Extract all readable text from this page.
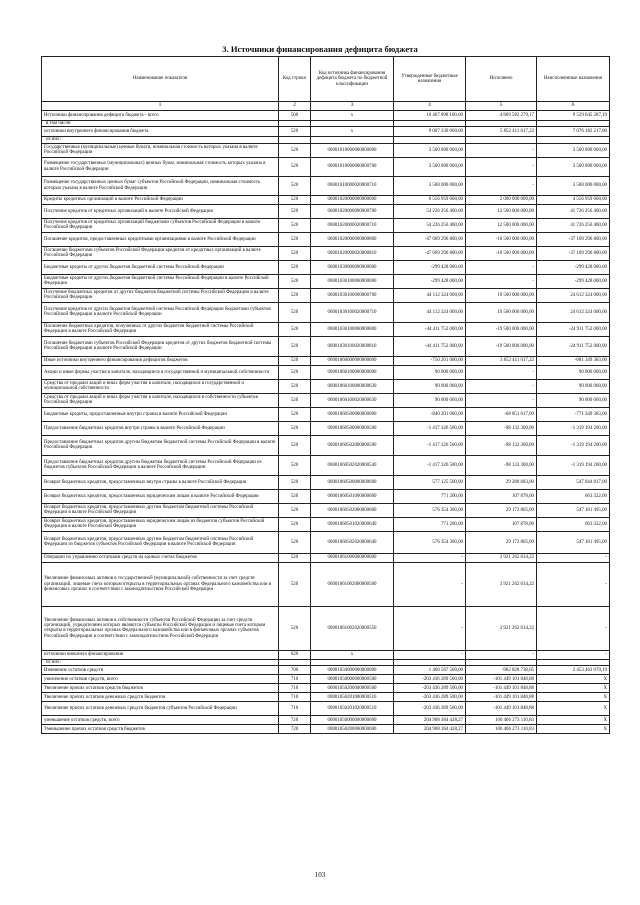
3. Источники финансирования дефицита бюджета
Наименование показателя	Код строки	Код источника финансирования дефицита бюджета по бюджетной классификации	Утвержденные бюджетные назначения	Исполнено	Неисполненные назначения
1	2	3	4	5	6
Источники финансирования дефицита бюджета - всего	500	x	10 467 898 100,00	4 869 582 279,17	9 529 645 287,19
в том числе:					
источники внутреннего финансирования бюджета	520	x	9 007 330 600,00	5 852 411 017,22	7 076 182 217,00
из них:					
Государственные (муниципальные) ценные бумаги, номинальная стоимость которых указана в валюте Российской Федерации	520	00001010000000000000	3 500 000 000,00	-	3 500 000 000,00
Размещение государственных (муниципальных) ценных бумаг, номинальная стоимость которых указана в валюте Российской Федерации	520	00001010000000000700	3 500 000 000,00	-	3 500 000 000,00
Размещение государственных ценных бумаг субъектов Российской Федерации, номинальная стоимость которых указана в валюте Российской Федерации	520	00001010000020000710	3 500 000 000,00	-	3 500 000 000,00
Кредиты кредитных организаций в валюте Российской Федерации	520	00001020000000000000	6 556 959 600,00	2 000 000 000,00	4 556 959 600,00
Получение кредитов от кредитных организаций в валюте Российской Федерации	520	00001020000000000700	54 226 256 400,00	12 500 000 000,00	41 726 256 400,00
Получение кредитов от кредитных организаций бюджетами субъектов Российской Федерации в валюте Российской Федерации	520	00001020000020000710	54 226 256 400,00	12 500 000 000,00	41 726 256 400,00
Погашение кредитов, предоставленных кредитными организациями в валюте Российской Федерации	520	00001020000000000800	-47 669 296 800,00	-10 500 000 000,00	-37 169 296 800,00
Погашение бюджетами субъектов Российской Федерации кредитов от кредитных организаций в валюте Российской Федерации	520	00001020000020000810	-47 669 296 800,00	-10 500 000 000,00	-37 169 296 800,00
Бюджетные кредиты от других бюджетов бюджетной системы Российской Федерации	520	00001030000000000000	-299 428 000,00	-	-299 428 000,00
Бюджетные кредиты от других бюджетов бюджетной системы Российской Федерации в валюте Российской Федерации	520	00001030100000000000	-299 428 000,00	-	-299 428 000,00
Получение бюджетных кредитов от других бюджетов бюджетной системы Российской Федерации в валюте Российской Федерации	520	00001030100000000700	44 112 324 000,00	19 500 000 000,00	24 612 324 000,00
Получение кредитов от других бюджетов бюджетной системы Российской Федерации бюджетами субъектов Российской Федерации в валюте Российской Федерации	520	00001030100020000710	44 112 324 000,00	19 500 000 000,00	24 612 324 000,00
Погашение бюджетных кредитов, полученных от других бюджетов бюджетной системы Российской Федерации в валюте Российской Федерации	520	00001030100000000800	-44 411 752 000,00	-19 500 000 000,00	-24 911 752 000,00
Погашение бюджетами субъектов Российской Федерации кредитов от других бюджетов бюджетной системы Российской Федерации в валюте Российской Федерации	520	00001030100020000810	-44 411 752 000,00	-19 500 000 000,00	-24 911 752 000,00
Иные источники внутреннего финансирования дефицитов бюджетов	520	00001060000000000000	-750 201 000,00	3 852 411 017,22	-681 349 383,00
Акции и иные формы участия в капитале, находящиеся в государственной и муниципальной собственности	520	00001060100000000000	90 000 000,00	-	90 000 000,00
Средства от продажи акций и иных форм участия в капитале, находящихся в государственной и муниципальной собственности	520	00001060100000000630	90 000 000,00	-	90 000 000,00
Средства от продажи акций и иных форм участия в капитале, находящихся в собственности субъектов Российской Федерации	520	00001060100020000630	90 000 000,00	-	90 000 000,00
Бюджетные кредиты, предоставленные внутри страны в валюте Российской Федерации	520	00001060500000000000	-840 201 000,00	-68 851 617,00	-771 349 383,00
Предоставление бюджетных кредитов внутри страны в валюте Российской Федерации	520	00001060500000000500	-1 417 326 500,00	-98 132 300,00	-1 319 194 200,00
Предоставление бюджетных кредитов другим бюджетам бюджетной системы Российской Федерации в валюте Российской Федерации	520	00001060502000000500	-1 417 326 500,00	-98 132 300,00	-1 319 194 200,00
Предоставление бюджетных кредитов другим бюджетам бюджетной системы Российской Федерации из бюджетов субъектов Российской Федерации в валюте Российской Федерации	520	00001060502020000540	-1 417 326 500,00	-98 132 300,00	-1 319 194 200,00
Возврат бюджетных кредитов, предоставленных внутри страны в валюте Российской Федерации	520	00001060500000000600	577 125 500,00	29 280 683,00	547 844 817,00
Возврат бюджетных кредитов, предоставленных юридическим лицам в валюте Российской Федерации	520	00001060501000000600	771 200,00	107 878,00	663 322,00
Возврат бюджетных кредитов, предоставленных другим бюджетам бюджетной системы Российской Федерации в валюте Российской Федерации	520	00001060502000000600	576 354 300,00	29 172 805,00	547 181 495,00
Возврат бюджетных кредитов, предоставленных юридическим лицам из бюджетов субъектов Российской Федерации в валюте Российской Федерации	520	00001060501020000640	771 200,00	107 878,00	663 322,00
Возврат бюджетных кредитов, предоставленных другим бюджетам бюджетной системы Российской Федерации из бюджетов субъектов Российской Федерации в валюте Российской Федерации	520	00001060502020000640	576 354 300,00	29 172 805,00	547 181 495,00
Операции по управлению остатками средств на единых счетах бюджетов	520	00001061000000000000	-	3 921 262 634,22	-
Увеличение финансовых активов в государственной (муниципальной) собственности за счет средств организаций, лицевые счета которым открыты в территориальных органах Федерального казначейства или в финансовых органах в соответствии с законодательством Российской Федерации	520	00001061002000000500	-	3 921 262 634,22	-
Увеличение финансовых активов в собственности субъектов Российской Федерации за счет средств организаций, учредителями которых являются субъекты Российской Федерации и лицевые счета которым открыты в территориальных органах Федерального казначейства или в финансовых органах субъектов Российской Федерации в соответствии с законодательством Российской Федерации	520	00001061002020000550	-	3 921 262 634,22	-
источники внешнего финансирования	620	x	-	-	-
из них:					
Изменение остатков средств	700	00001050000000000000	1 460 567 500,00	-982 828 738,05	2 453 463 070,19
увеличение остатков средств, всего	710	00001050000000000500	-203 436 289 500,00	-101 449 101 848,88	X
Увеличение прочих остатков средств бюджетов	710	00001050200000000500	-203 436 289 500,00	-101 449 101 848,88	X
Увеличение прочих остатков денежных средств бюджетов	710	00001050201000000510	-203 436 289 500,00	-101 449 101 848,88	X
Увеличение прочих остатков денежных средств бюджетов субъектов Российской Федерации	710	00001050201020000510	-203 436 289 500,00	-101 449 101 848,88	X
уменьшение остатков средств, всего	720	00001050000000000600	204 908 364 428,27	100 466 273 110,83	X
Уменьшение прочих остатков средств бюджетов	720	00001050200000000600	204 908 364 428,27	100 466 273 110,83	X
103
